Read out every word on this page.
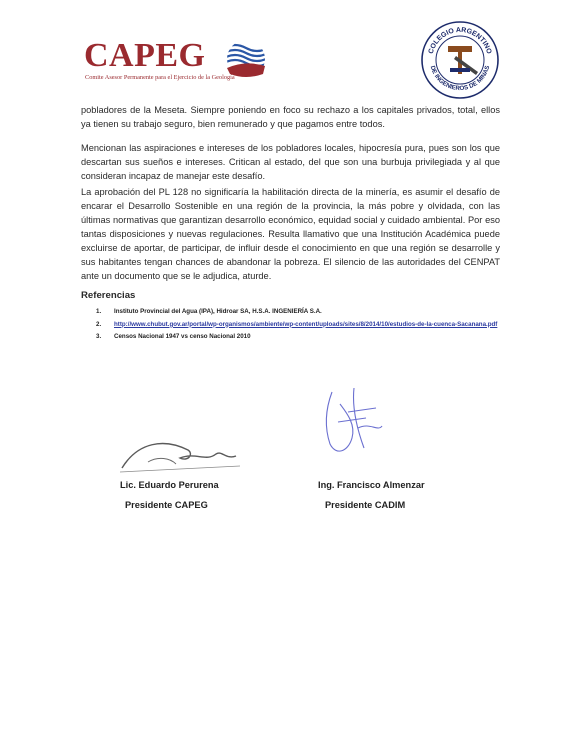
CAPEG
Comite Asesor Permanente para el Ejercicio de la Geología
COLEGIO ARGENTINO
DE INGENIEROS DE MINAS
pobladores de la Meseta. Siempre poniendo en foco su rechazo a los capitales privados, total, ellos ya tienen su trabajo seguro, bien remunerado y que pagamos entre todos.
Mencionan las aspiraciones e intereses de los pobladores locales, hipocresía pura, pues son los que descartan sus sueños e intereses. Critican al estado, del que son una burbuja privilegiada y al que consideran incapaz de manejar este desafío.
La aprobación del PL 128 no significaría la habilitación directa de la minería, es asumir el desafío de encarar el Desarrollo Sostenible en una región de la provincia, la más pobre y olvidada, con las últimas normativas que garantizan desarrollo económico, equidad social y cuidado ambiental. Por eso tantas disposiciones y nuevas regulaciones. Resulta llamativo que una Institución Académica puede excluirse de aportar, de participar, de influir desde el conocimiento en que una región se desarrolle y sus habitantes tengan chances de abandonar la pobreza. El silencio de las autoridades del CENPAT ante un documento que se le adjudica, aturde.
Referencias
1.	Instituto Provincial del Agua (IPA), Hidroar SA, H.S.A. INGENIERÍA S.A.
2.	http://www.chubut.gov.ar/portal/wp-organismos/ambiente/wp-content/uploads/sites/8/2014/10/estudios-de-la-cuenca-Sacanana.pdf
3.	Censos Nacional 1947 vs censo Nacional 2010
Lic. Eduardo Perurena
Presidente CAPEG
Ing. Francisco Almenzar
Presidente CADIM
